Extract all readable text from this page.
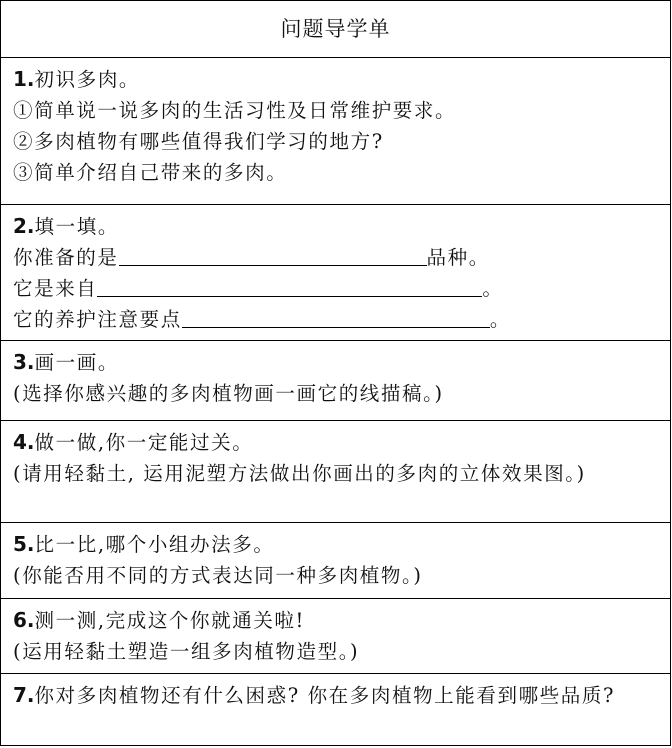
问题导学单
1.初识多肉。
①简单说一说多肉的生活习性及日常维护要求。
②多肉植物有哪些值得我们学习的地方?
③简单介绍自己带来的多肉。
2.填一填。
你准备的是	品种。
它是来自	。
它的养护注意要点	。
3.画一画。
(选择你感兴趣的多肉植物画一画它的线描稿。)
4.做一做,你一定能过关。
(请用轻黏土, 运用泥塑方法做出你画出的多肉的立体效果图。)
5.比一比,哪个小组办法多。
(你能否用不同的方式表达同一种多肉植物。)
6.测一测,完成这个你就通关啦!
(运用轻黏土塑造一组多肉植物造型。)
7.你对多肉植物还有什么困惑? 你在多肉植物上能看到哪些品质?
